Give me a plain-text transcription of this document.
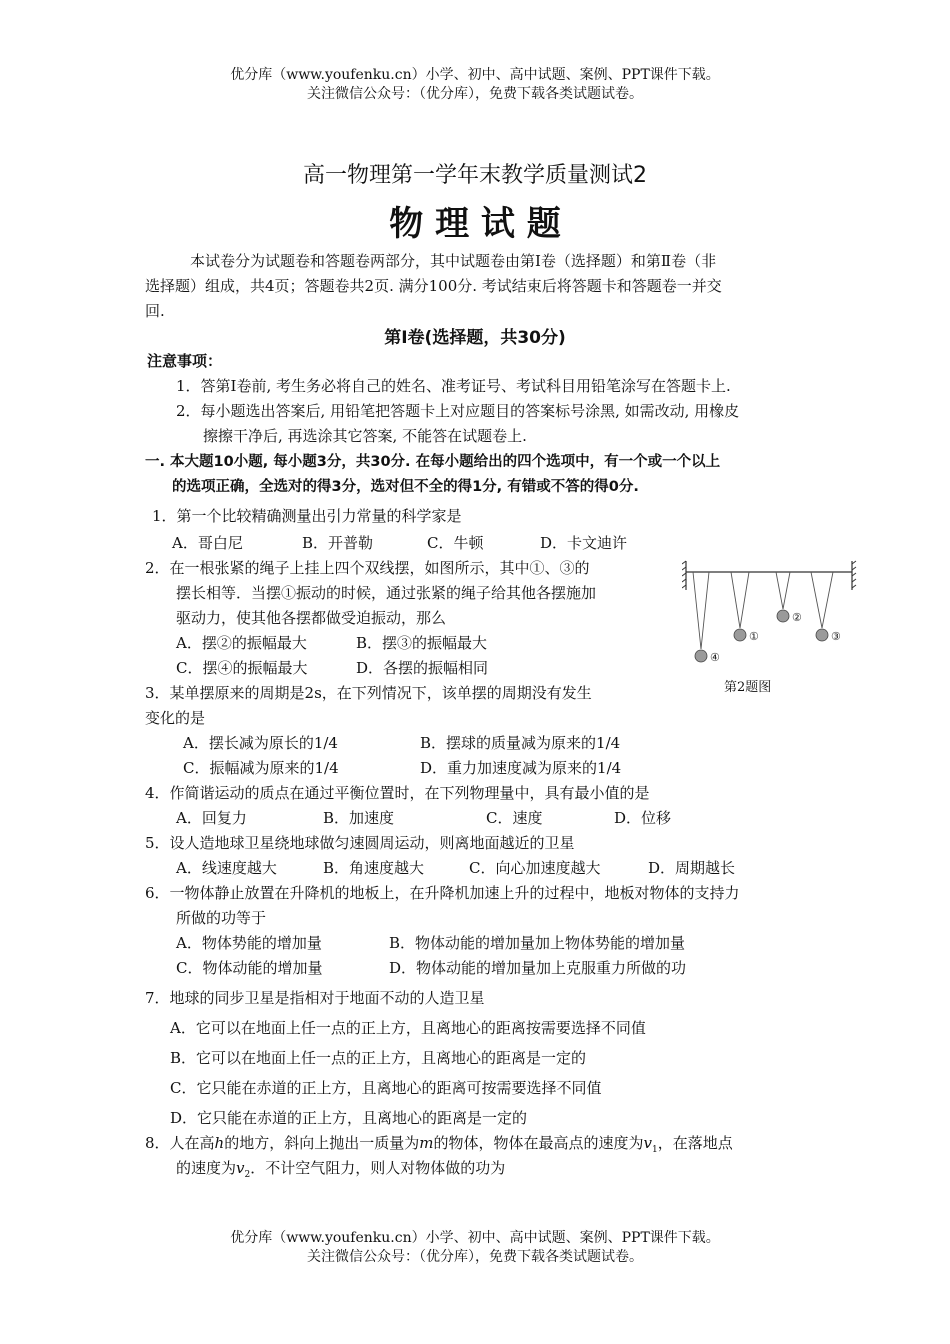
优分库（www.youfenku.cn）小学、初中、高中试题、案例、PPT课件下载。
关注微信公众号：（优分库），免费下载各类试题试卷。
高一物理第一学年末教学质量测试2
物 理 试 题
本试卷分为试题卷和答题卷两部分，其中试题卷由第Ⅰ卷（选择题）和第Ⅱ卷（非
选择题）组成，共4页；答题卷共2页. 满分100分. 考试结束后将答题卡和答题卷一并交
回.
第Ⅰ卷(选择题，共30分)
注意事项：
1．答第Ⅰ卷前, 考生务必将自己的姓名、准考证号、考试科目用铅笔涂写在答题卡上.
2．每小题选出答案后, 用铅笔把答题卡上对应题目的答案标号涂黑, 如需改动, 用橡皮
擦擦干净后, 再选涂其它答案, 不能答在试题卷上.
一. 本大题10小题, 每小题3分，共30分. 在每小题给出的四个选项中，有一个或一个以上
的选项正确，全选对的得3分，选对但不全的得1分, 有错或不答的得0分.
1．第一个比较精确测量出引力常量的科学家是
A．哥白尼	B．开普勒	C．牛顿	D．卡文迪许
2．在一根张紧的绳子上挂上四个双线摆，如图所示，其中①、③的
摆长相等．当摆①振动的时候，通过张紧的绳子给其他各摆施加
驱动力，使其他各摆都做受迫振动，那么
A．摆②的振幅最大	B．摆③的振幅最大
C．摆④的振幅最大	D．各摆的振幅相同
④
①
②
③
第2题图
3．某单摆原来的周期是2s，在下列情况下，该单摆的周期没有发生
变化的是
A．摆长减为原长的1/4	B．摆球的质量减为原来的1/4
C．振幅减为原来的1/4	D．重力加速度减为原来的1/4
4．作简谐运动的质点在通过平衡位置时，在下列物理量中，具有最小值的是
A．回复力	B．加速度	C．速度	D．位移
5．设人造地球卫星绕地球做匀速圆周运动，则离地面越近的卫星
A．线速度越大	B．角速度越大	C．向心加速度越大	D．周期越长
6．一物体静止放置在升降机的地板上，在升降机加速上升的过程中，地板对物体的支持力
所做的功等于
A．物体势能的增加量	B．物体动能的增加量加上物体势能的增加量
C．物体动能的增加量	D．物体动能的增加量加上克服重力所做的功
7．地球的同步卫星是指相对于地面不动的人造卫星
A．它可以在地面上任一点的正上方，且离地心的距离按需要选择不同值
B．它可以在地面上任一点的正上方，且离地心的距离是一定的
C．它只能在赤道的正上方，且离地心的距离可按需要选择不同值
D．它只能在赤道的正上方，且离地心的距离是一定的
8．人在高h的地方，斜向上抛出一质量为m的物体，物体在最高点的速度为$v_1$，在落地点
的速度为$v_2$．不计空气阻力，则人对物体做的功为
优分库（www.youfenku.cn）小学、初中、高中试题、案例、PPT课件下载。
关注微信公众号：（优分库），免费下载各类试题试卷。
